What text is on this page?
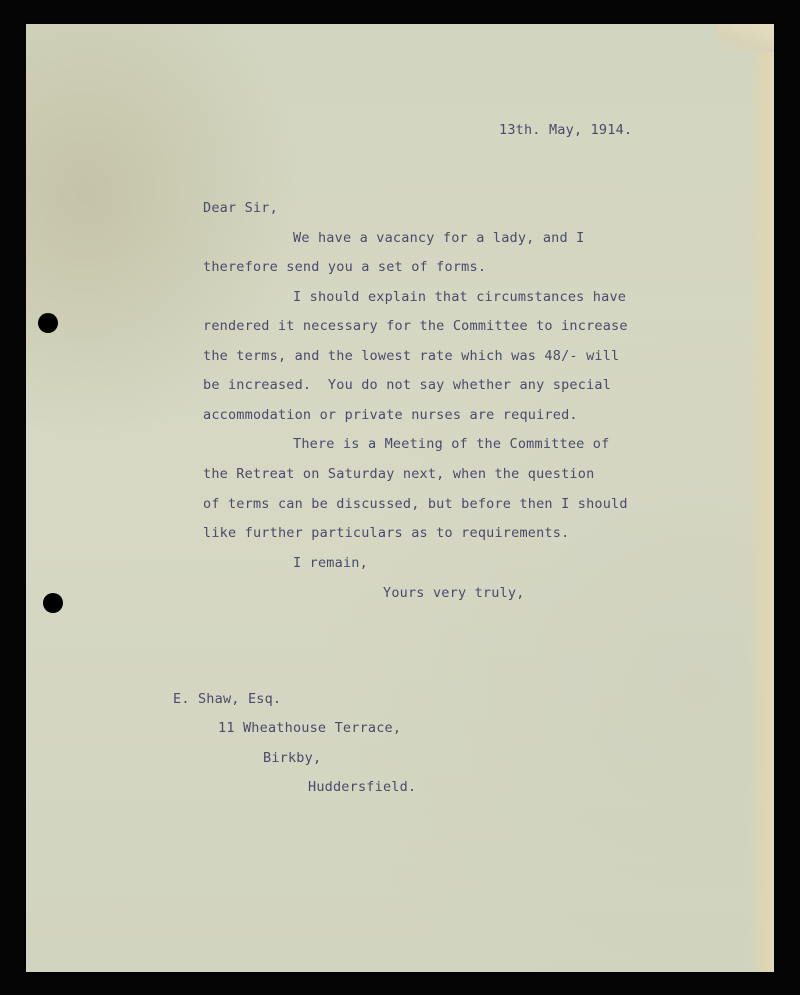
13th. May, 1914.
Dear Sir,
We have a vacancy for a lady, and I
therefore send you a set of forms.
I should explain that circumstances have
rendered it necessary for the Committee to increase
the terms, and the lowest rate which was 48/- will
be increased.  You do not say whether any special
accommodation or private nurses are required.
There is a Meeting of the Committee of
the Retreat on Saturday next, when the question
of terms can be discussed, but before then I should
like further particulars as to requirements.
I remain,
Yours very truly,
E. Shaw, Esq.
11 Wheathouse Terrace,
Birkby,
Huddersfield.
